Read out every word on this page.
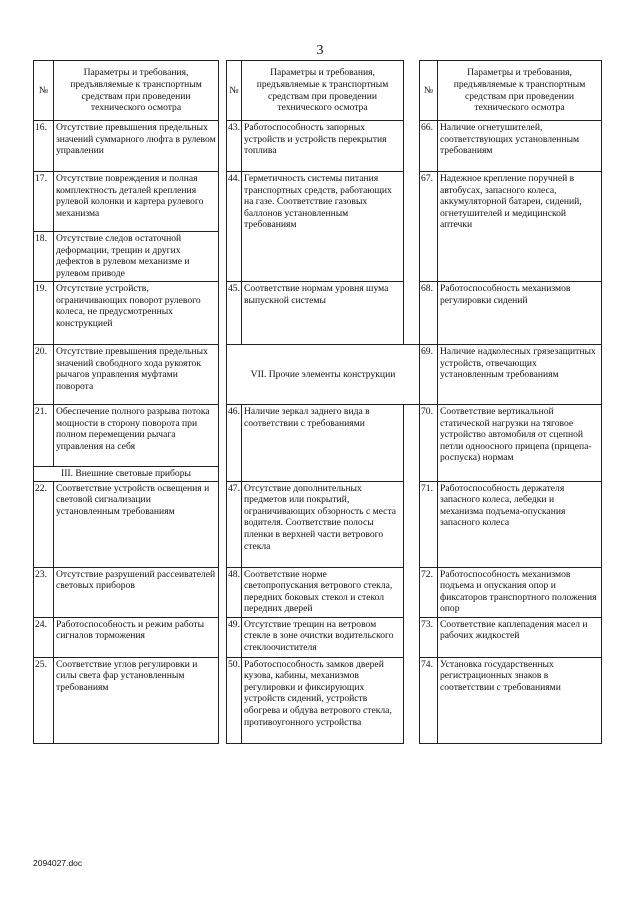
3
№	Параметры и требования, предъявляемые к транспортным средствам при проведении технического осмотра		№	Параметры и требования, предъявляемые к транспортным средствам при проведении технического осмотра		№	Параметры и требования, предъявляемые к транспортным средствам при проведении технического осмотра
16.	Отсутствие превышения предельных значений суммарного люфта в рулевом управлении		43.	Работоспособность запорных устройств и устройств перекрытия топлива		66.	Наличие огнетушителей, соответствующих установленным требованиям
17.	Отсутствие повреждения и полная комплектность деталей крепления рулевой колонки и картера рулевого механизма		44.	Герметичность системы питания транспортных средств, работающих на газе. Соответствие газовых баллонов установленным требованиям		67.	Надежное крепление поручней в автобусах, запасного колеса, аккумуляторной батареи, сидений, огнетушителей и медицинской аптечки
18.	Отсутствие следов остаточной деформации, трещин и других дефектов в рулевом механизме и рулевом приводе						
19.	Отсутствие устройств, ограничивающих поворот рулевого колеса, не предусмотренных конструкцией		45.	Соответствие нормам уровня шума выпускной системы		68.	Работоспособность механизмов регулировки сидений
20.	Отсутствие превышения предельных значений свободного хода рукояток рычагов управления муфтами поворота		VII. Прочие элементы конструкции			69.	Наличие надколесных грязезащитных устройств, отвечающих установленным требованиям
21.	Обеспечение полного разрыва потока мощности в сторону поворота при полном перемещении рычага управления на себя		46.	Наличие зеркал заднего вида в соответствии с требованиями		70.	Соответствие вертикальной статической нагрузки на тяговое устройство автомобиля от сцепной петли одноосного прицепа (прицепа-роспуска) нормам
III. Внешние световые приборы							
22.	Соответствие устройств освещения и световой сигнализации установленным требованиям		47.	Отсутствие дополнительных предметов или покрытий, ограничивающих обзорность с места водителя. Соответствие полосы пленки в верхней части ветрового стекла		71.	Работоспособность держателя запасного колеса, лебедки и механизма подъема-опускания запасного колеса
23.	Отсутствие разрушений рассеивателей световых приборов		48.	Соответствие норме светопропускания ветрового стекла, передних боковых стекол и стекол передних дверей		72.	Работоспособность механизмов подъема и опускания опор и фиксаторов транспортного положения опор
24.	Работоспособность и режим работы сигналов торможения		49.	Отсутствие трещин на ветровом стекле в зоне очистки водительского стеклоочистителя		73.	Соответствие каплепадения масел и рабочих жидкостей
25.	Соответствие углов регулировки и силы света фар установленным требованиям		50.	Работоспособность замков дверей кузова, кабины, механизмов регулировки и фиксирующих устройств сидений, устройств обогрева и обдува ветрового стекла, противоугонного устройства		74.	Установка государственных регистрационных знаков в соответствии с требованиями
2094027.doc
